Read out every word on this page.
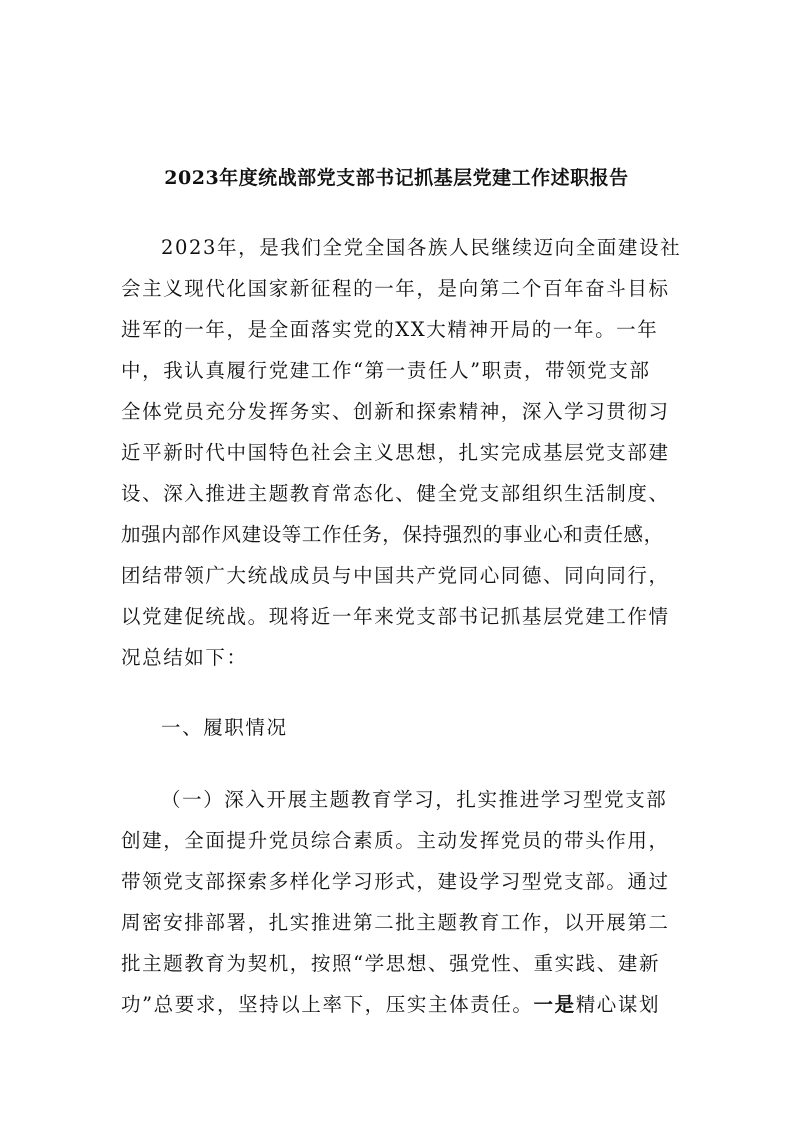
2023年度统战部党支部书记抓基层党建工作述职报告
2023年，是我们全党全国各族人民继续迈向全面建设社
会主义现代化国家新征程的一年，是向第二个百年奋斗目标
进军的一年，是全面落实党的XX大精神开局的一年。一年
中，我认真履行党建工作“第一责任人”职责，带领党支部
全体党员充分发挥务实、创新和探索精神，深入学习贯彻习
近平新时代中国特色社会主义思想，扎实完成基层党支部建
设、深入推进主题教育常态化、健全党支部组织生活制度、
加强内部作风建设等工作任务，保持强烈的事业心和责任感，
团结带领广大统战成员与中国共产党同心同德、同向同行，
以党建促统战。现将近一年来党支部书记抓基层党建工作情
况总结如下：
一、履职情况
（一）深入开展主题教育学习，扎实推进学习型党支部
创建，全面提升党员综合素质。主动发挥党员的带头作用，
带领党支部探索多样化学习形式，建设学习型党支部。通过
周密安排部署，扎实推进第二批主题教育工作，以开展第二
批主题教育为契机，按照“学思想、强党性、重实践、建新
功”总要求，坚持以上率下，压实主体责任。一是精心谋划
